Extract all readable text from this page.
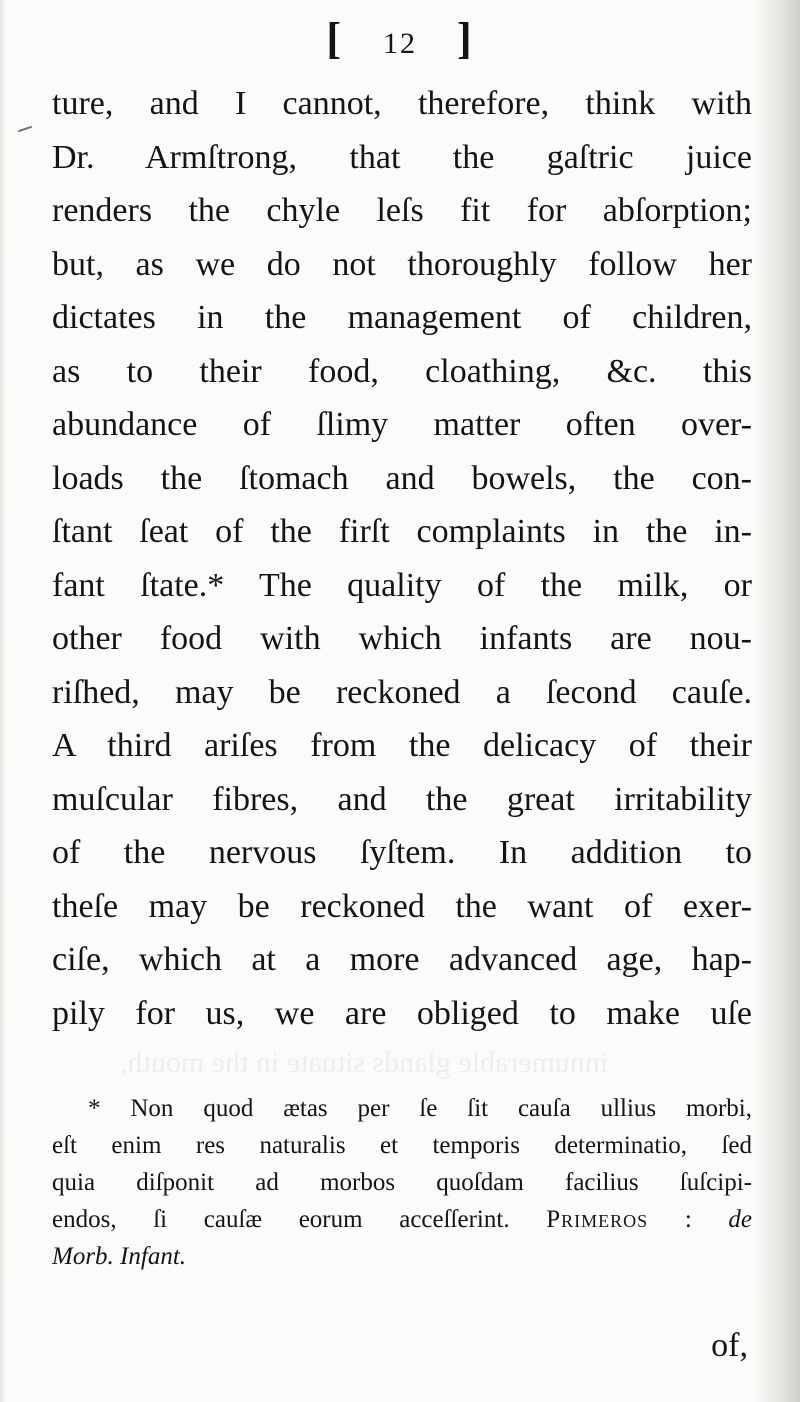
[ 12 ]
ture, and I cannot, therefore, think with
Dr. Armſtrong, that the gaſtric juice
renders the chyle leſs fit for abſorption;
but, as we do not thoroughly follow her
dictates in the management of children,
as to their food, cloathing, &c. this
abundance of ſlimy matter often over-
loads the ſtomach and bowels, the con-
ſtant ſeat of the firſt complaints in the in-
fant ſtate.* The quality of the milk, or
other food with which infants are nou-
riſhed, may be reckoned a ſecond cauſe.
A third ariſes from the delicacy of their
muſcular fibres, and the great irritability
of the nervous ſyſtem. In addition to
theſe may be reckoned the want of exer-
ciſe, which at a more advanced age, hap-
pily for us, we are obliged to make uſe
innumerable glands situate in the mouth,
* Non quod ætas per ſe ſit cauſa ullius morbi,
eſt enim res naturalis et temporis determinatio, ſed
quia diſponit ad morbos quoſdam facilius ſuſcipi-
endos, ſi cauſæ eorum acceſſerint. Primeros : de
Morb. Infant.
of,
